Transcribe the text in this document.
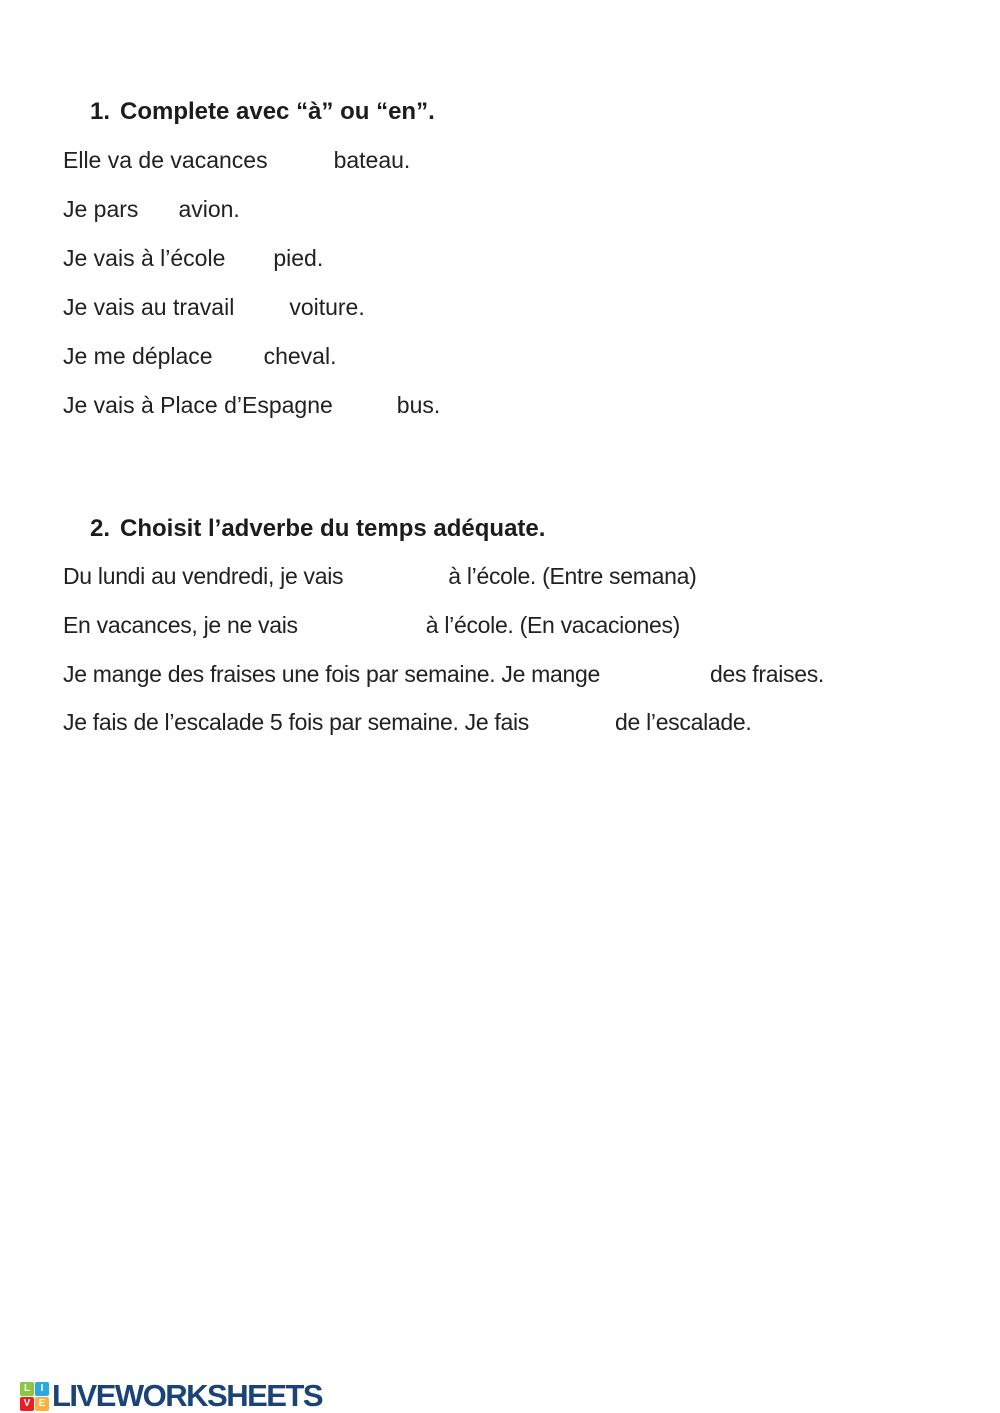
1. Complete avec “à” ou “en”.
Elle va de vacances	bateau.
Je pars avion.
Je vais à l’école pied.
Je vais au travail voiture.
Je me déplace cheval.
Je vais à Place d’Espagne	bus.
2. Choisit l’adverbe du temps adéquate.
Du lundi au vendredi, je vais	à l’école. (Entre semana)
En vacances, je ne vais	à l’école. (En vacaciones)
Je mange des fraises une fois par semaine. Je mange	des fraises.
Je fais de l’escalade 5 fois par semaine. Je fais	de l’escalade.
L	I
V E LIVEWORKSHEETS
